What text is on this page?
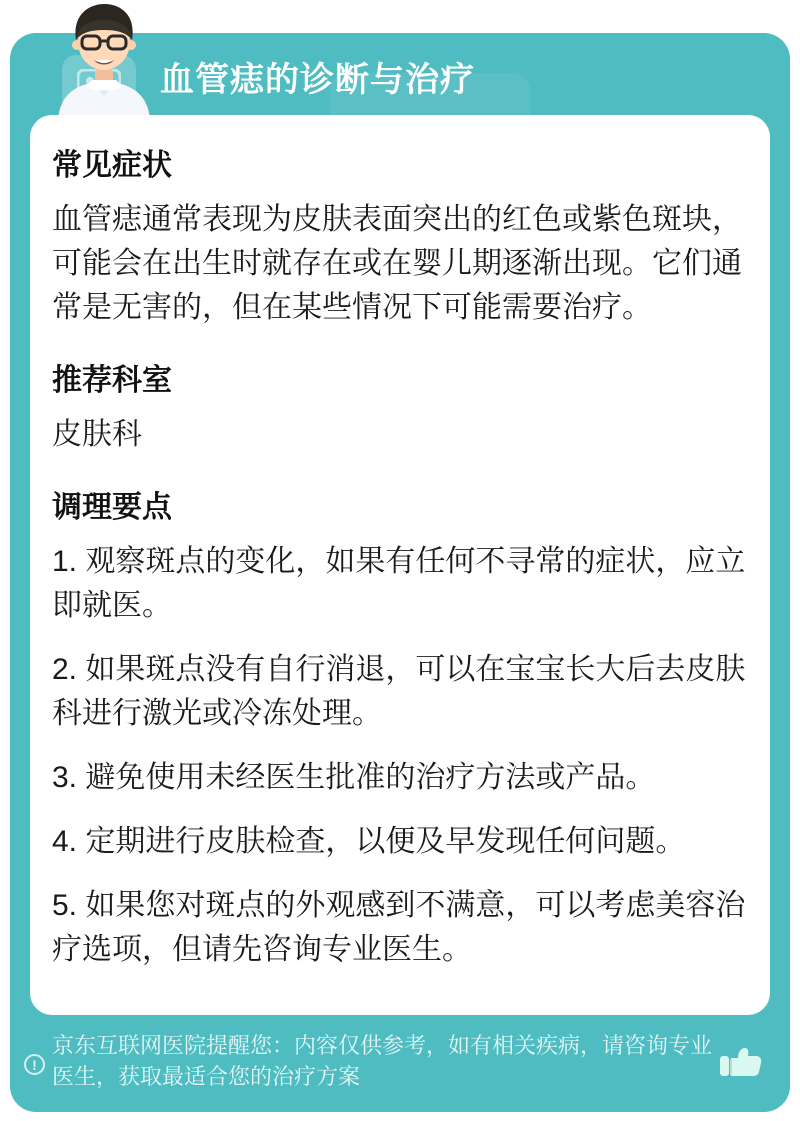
血管痣的诊断与治疗
常见症状

血管痣通常表现为皮肤表面突出的红色或紫色斑块，可能会在出生时就存在或在婴儿期逐渐出现。它们通常是无害的，但在某些情况下可能需要治疗。

推荐科室

皮肤科

调理要点

1. 观察斑点的变化，如果有任何不寻常的症状，应立即就医。

2. 如果斑点没有自行消退，可以在宝宝长大后去皮肤科进行激光或冷冻处理。

3. 避免使用未经医生批准的治疗方法或产品。

4. 定期进行皮肤检查，以便及早发现任何问题。

5. 如果您对斑点的外观感到不满意，可以考虑美容治疗选项，但请先咨询专业医生。

!
京东互联网医院提醒您：内容仅供参考，如有相关疾病，请咨询专业医生，获取最适合您的治疗方案
